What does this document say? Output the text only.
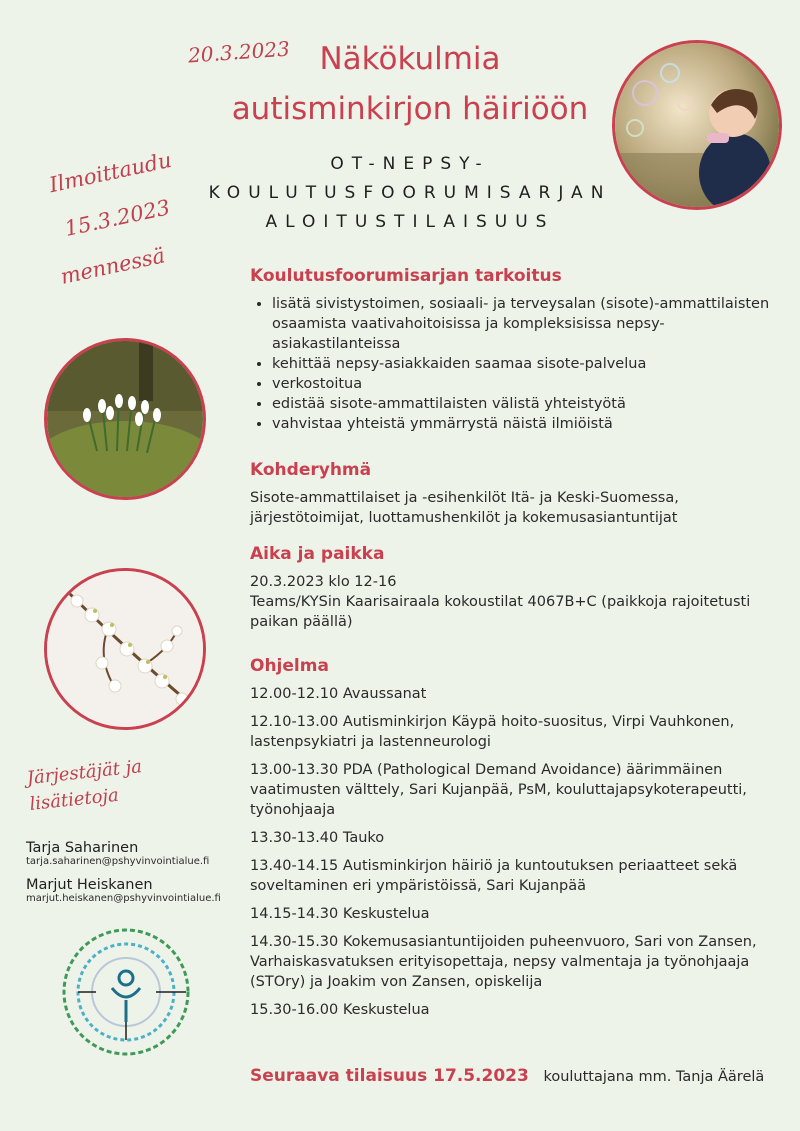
20.3.2023 Näkökulmia
autisminkirjon häiriöön
OT-NEPSY-
KOULUTUSFOORUMISARJAN
ALOITUSTILAISUUS
Ilmoittaudu
15.3.2023
mennessä
Järjestäjät ja
lisätietoja
Tarja Saharinen
tarja.saharinen@pshyvinvointialue.fi
Marjut Heiskanen
marjut.heiskanen@pshyvinvointialue.fi
Koulutusfoorumisarjan tarkoitus
• lisätä sivistystoimen, sosiaali- ja terveysalan (sisote)-ammattilaisten osaamista vaativahoitoisissa ja kompleksisissa nepsy-asiakastilanteissa
• kehittää nepsy-asiakkaiden saamaa sisote-palvelua
• verkostoitua
• edistää sisote-ammattilaisten välistä yhteistyötä
• vahvistaa yhteistä ymmärrystä näistä ilmiöistä
Kohderyhmä

Sisote-ammattilaiset ja -esihenkilöt Itä- ja Keski-Suomessa, järjestötoimijat, luottamushenkilöt ja kokemusasiantuntijat

Aika ja paikka

20.3.2023 klo 12-16

Teams/KYSin Kaarisairaala kokoustilat 4067B+C (paikkoja rajoitetusti paikan päällä)

Ohjelma

12.00-12.10 Avaussanat

12.10-13.00 Autisminkirjon Käypä hoito-suositus, Virpi Vauhkonen, lastenpsykiatri ja lastenneurologi

13.00-13.30 PDA (Pathological Demand Avoidance) äärimmäinen vaatimusten välttely, Sari Kujanpää, PsM, kouluttajapsykoterapeutti, työnohjaaja

13.30-13.40 Tauko

13.40-14.15 Autisminkirjon häiriö ja kuntoutuksen periaatteet sekä soveltaminen eri ympäristöissä, Sari Kujanpää

14.15-14.30 Keskustelua

14.30-15.30 Kokemusasiantuntijoiden puheenvuoro, Sari von Zansen, Varhaiskasvatuksen erityisopettaja, nepsy valmentaja ja työnohjaaja (STOry) ja Joakim von Zansen, opiskelija

15.30-16.00 Keskustelua

Seuraava tilaisuus 17.5.2023 kouluttajana mm. Tanja Äärelä
